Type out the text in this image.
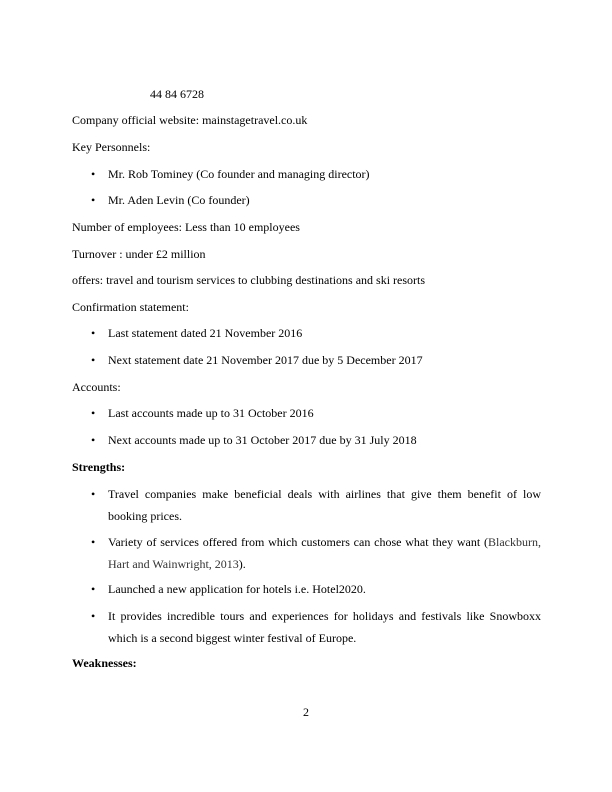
44 84 6728
Company official website: mainstagetravel.co.uk
Key Personnels:
•	Mr. Rob Tominey (Co founder and managing director)
•	Mr. Aden Levin (Co founder)
Number of employees: Less than 10 employees
Turnover : under £2 million
offers: travel and tourism services to clubbing destinations and ski resorts
Confirmation statement:
•	Last statement dated 21 November 2016
•	Next statement date 21 November 2017 due by 5 December 2017
Accounts:
•	Last accounts made up to 31 October 2016
•	Next accounts made up to 31 October 2017 due by 31 July 2018
Strengths:
•	Travel companies make beneficial deals with airlines that give them benefit of low booking prices.
•	Variety of services offered from which customers can chose what they want (Blackburn, Hart and Wainwright, 2013).
•	Launched a new application for hotels i.e. Hotel2020.
•	It provides incredible tours and experiences for holidays and festivals like Snowboxx which is a second biggest winter festival of Europe.
Weaknesses:
2
